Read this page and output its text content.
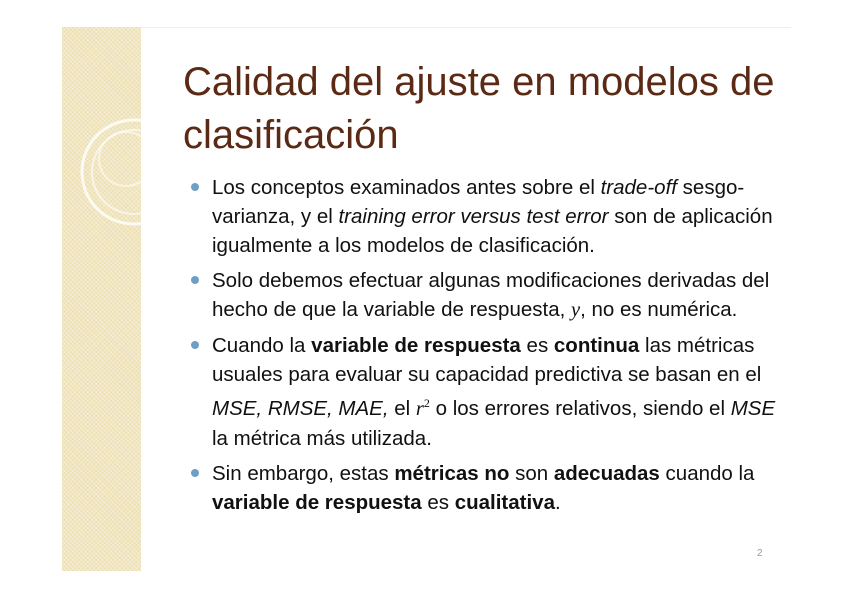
Calidad del ajuste en modelos de clasificación
Los conceptos examinados antes sobre el trade-off sesgo-varianza, y el training error versus test error son de aplicación igualmente a los modelos de clasificación.
Solo debemos efectuar algunas modificaciones derivadas del hecho de que la variable de respuesta, y, no es numérica.
Cuando la variable de respuesta es continua las métricas usuales para evaluar su capacidad predictiva se basan en el MSE, RMSE, MAE, el $r^2$ o los errores relativos, siendo el MSE la métrica más utilizada.
Sin embargo, estas métricas no son adecuadas cuando la variable de respuesta es cualitativa.
2
